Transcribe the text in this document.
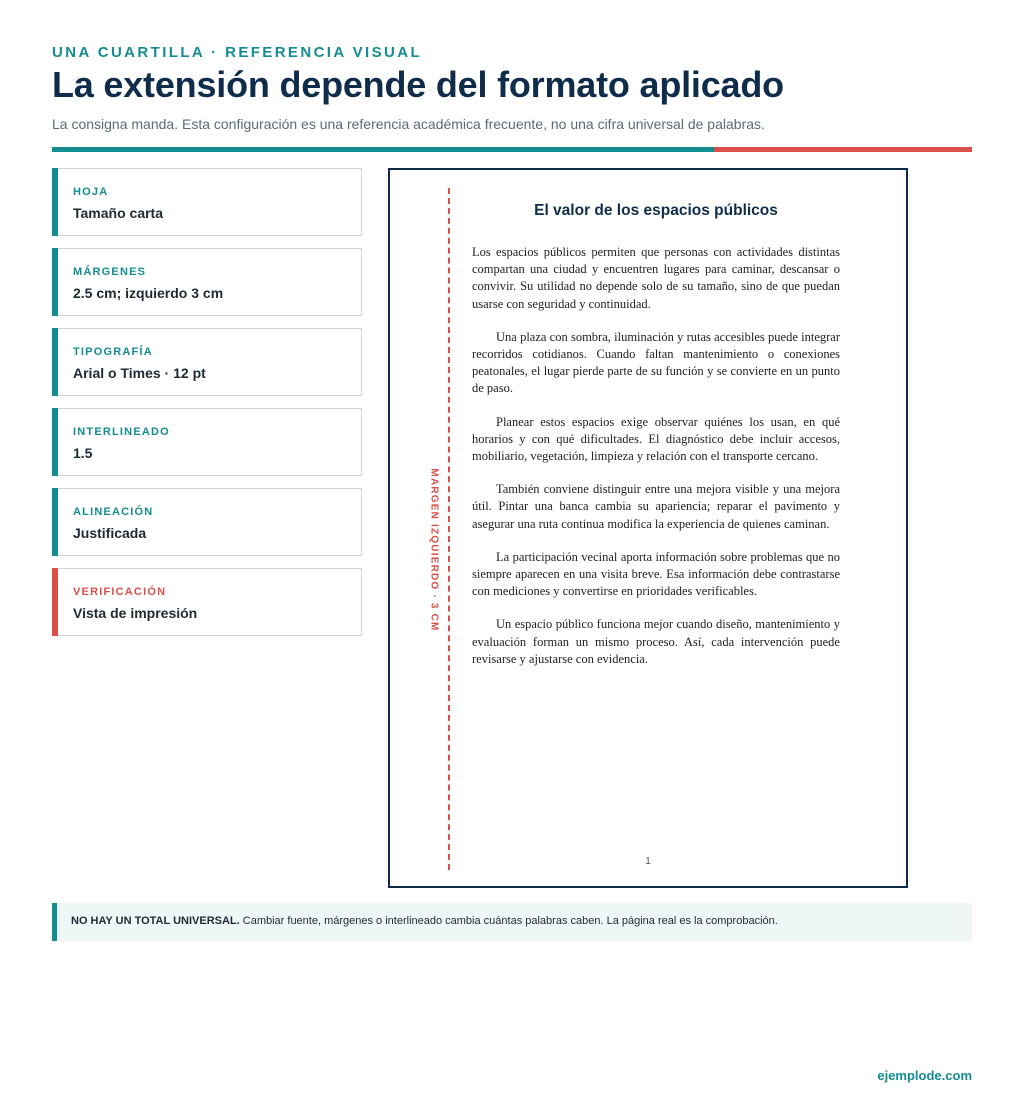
UNA CUARTILLA · REFERENCIA VISUAL
La extensión depende del formato aplicado
La consigna manda. Esta configuración es una referencia académica frecuente, no una cifra universal de palabras.
HOJA
Tamaño carta
MÁRGENES
2.5 cm; izquierdo 3 cm
TIPOGRAFÍA
Arial o Times · 12 pt
INTERLINEADO
1.5
ALINEACIÓN
Justificada
VERIFICACIÓN
Vista de impresión	MARGEN IZQUIERDO · 3 CM
El valor de los espacios públicos

Los espacios públicos permiten que personas con actividades distintas compartan una ciudad y encuentren lugares para caminar, descansar o convivir. Su utilidad no depende solo de su tamaño, sino de que puedan usarse con seguridad y continuidad.

Una plaza con sombra, iluminación y rutas accesibles puede integrar recorridos cotidianos. Cuando faltan mantenimiento o conexiones peatonales, el lugar pierde parte de su función y se convierte en un punto de paso.

Planear estos espacios exige observar quiénes los usan, en qué horarios y con qué dificultades. El diagnóstico debe incluir accesos, mobiliario, vegetación, limpieza y relación con el transporte cercano.

También conviene distinguir entre una mejora visible y una mejora útil. Pintar una banca cambia su apariencia; reparar el pavimento y asegurar una ruta continua modifica la experiencia de quienes caminan.

La participación vecinal aporta información sobre problemas que no siempre aparecen en una visita breve. Esa información debe contrastarse con mediciones y convertirse en prioridades verificables.

Un espacio público funciona mejor cuando diseño, mantenimiento y evaluación forman un mismo proceso. Así, cada intervención puede revisarse y ajustarse con evidencia.

1
NO HAY UN TOTAL UNIVERSAL. Cambiar fuente, márgenes o interlineado cambia cuántas palabras caben. La página real es la comprobación.
ejemplode.com
